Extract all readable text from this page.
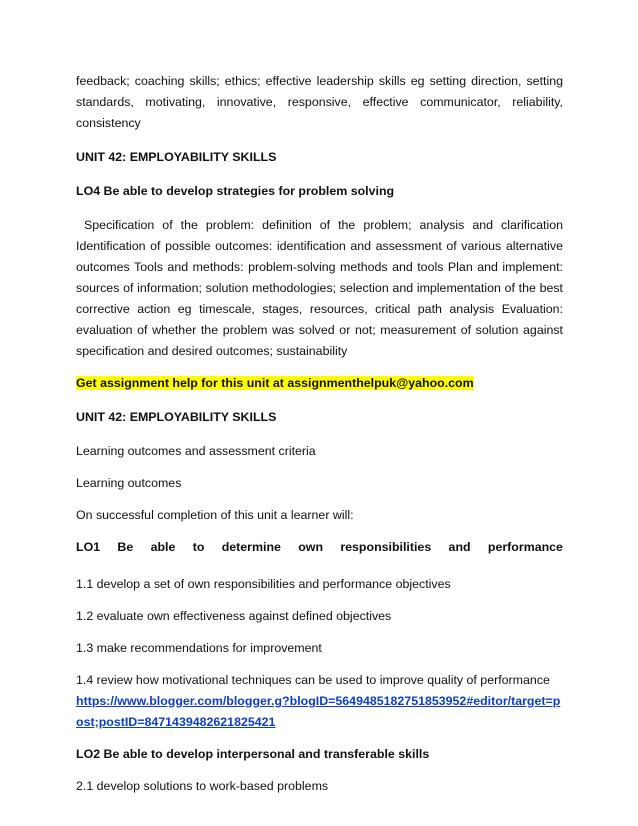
feedback; coaching skills; ethics; effective leadership skills eg setting direction, setting standards, motivating, innovative, responsive, effective communicator, reliability, consistency

UNIT 42: EMPLOYABILITY SKILLS

LO4 Be able to develop strategies for problem solving

Specification of the problem: definition of the problem; analysis and clarification Identification of possible outcomes: identification and assessment of various alternative outcomes Tools and methods: problem-solving methods and tools Plan and implement: sources of information; solution methodologies; selection and implementation of the best corrective action eg timescale, stages, resources, critical path analysis Evaluation: evaluation of whether the problem was solved or not; measurement of solution against specification and desired outcomes; sustainability

Get assignment help for this unit at assignmenthelpuk@yahoo.com

UNIT 42: EMPLOYABILITY SKILLS

Learning outcomes and assessment criteria

Learning outcomes

On successful completion of this unit a learner will:

LO1 Be able to determine own responsibilities and performance

1.1 develop a set of own responsibilities and performance objectives

1.2 evaluate own effectiveness against defined objectives

1.3 make recommendations for improvement

1.4 review how motivational techniques can be used to improve quality of performance

https://www.blogger.com/blogger.g?blogID=5649485182751853952#editor/target=post;postID=8471439482621825421

LO2 Be able to develop interpersonal and transferable skills

2.1 develop solutions to work-based problems
